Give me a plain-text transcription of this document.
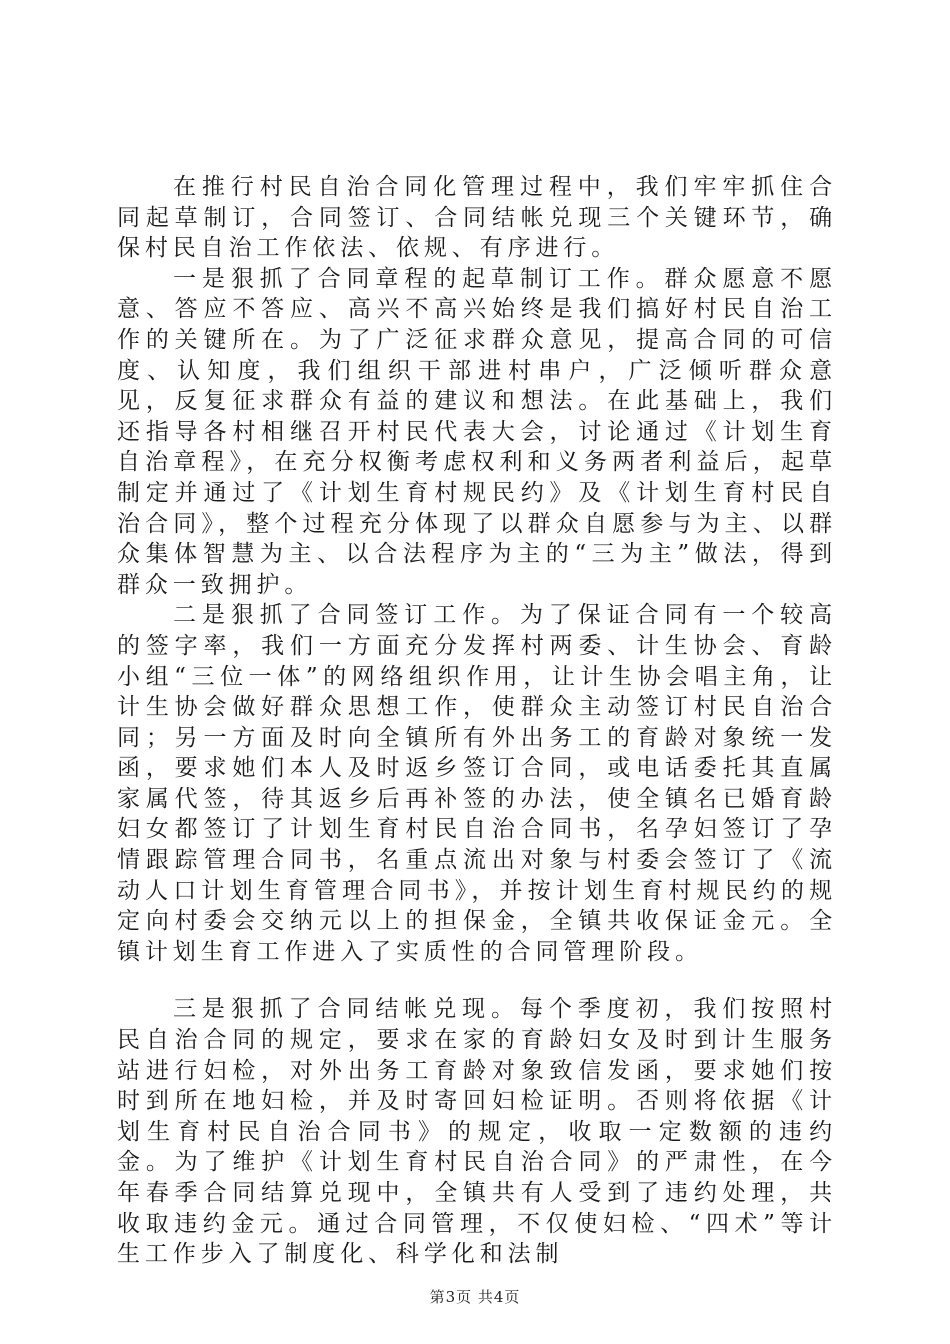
在推行村民自治合同化管理过程中，我们牢牢抓住合同起草制订，合同签订、合同结帐兑现三个关键环节，确保村民自治工作依法、依规、有序进行。

一是狠抓了合同章程的起草制订工作。群众愿意不愿意、答应不答应、高兴不高兴始终是我们搞好村民自治工作的关键所在。为了广泛征求群众意见，提高合同的可信度、认知度，我们组织干部进村串户，广泛倾听群众意见，反复征求群众有益的建议和想法。在此基础上，我们还指导各村相继召开村民代表大会，讨论通过《计划生育自治章程》，在充分权衡考虑权利和义务两者利益后，起草制定并通过了《计划生育村规民约》及《计划生育村民自治合同》，整个过程充分体现了以群众自愿参与为主、以群众集体智慧为主、以合法程序为主的“三为主”做法，得到群众一致拥护。

二是狠抓了合同签订工作。为了保证合同有一个较高的签字率，我们一方面充分发挥村两委、计生协会、育龄小组“三位一体”的网络组织作用，让计生协会唱主角，让计生协会做好群众思想工作，使群众主动签订村民自治合同；另一方面及时向全镇所有外出务工的育龄对象统一发函，要求她们本人及时返乡签订合同，或电话委托其直属家属代签，待其返乡后再补签的办法，使全镇名已婚育龄妇女都签订了计划生育村民自治合同书，名孕妇签订了孕情跟踪管理合同书，名重点流出对象与村委会签订了《流动人口计划生育管理合同书》，并按计划生育村规民约的规定向村委会交纳元以上的担保金，全镇共收保证金元。全镇计划生育工作进入了实质性的合同管理阶段。

三是狠抓了合同结帐兑现。每个季度初，我们按照村民自治合同的规定，要求在家的育龄妇女及时到计生服务站进行妇检，对外出务工育龄对象致信发函，要求她们按时到所在地妇检，并及时寄回妇检证明。否则将依据《计划生育村民自治合同书》的规定，收取一定数额的违约金。为了维护《计划生育村民自治合同》的严肃性，在今年春季合同结算兑现中，全镇共有人受到了违约处理，共收取违约金元。通过合同管理，不仅使妇检、“四术”等计生工作步入了制度化、科学化和法制

第3页 共4页
